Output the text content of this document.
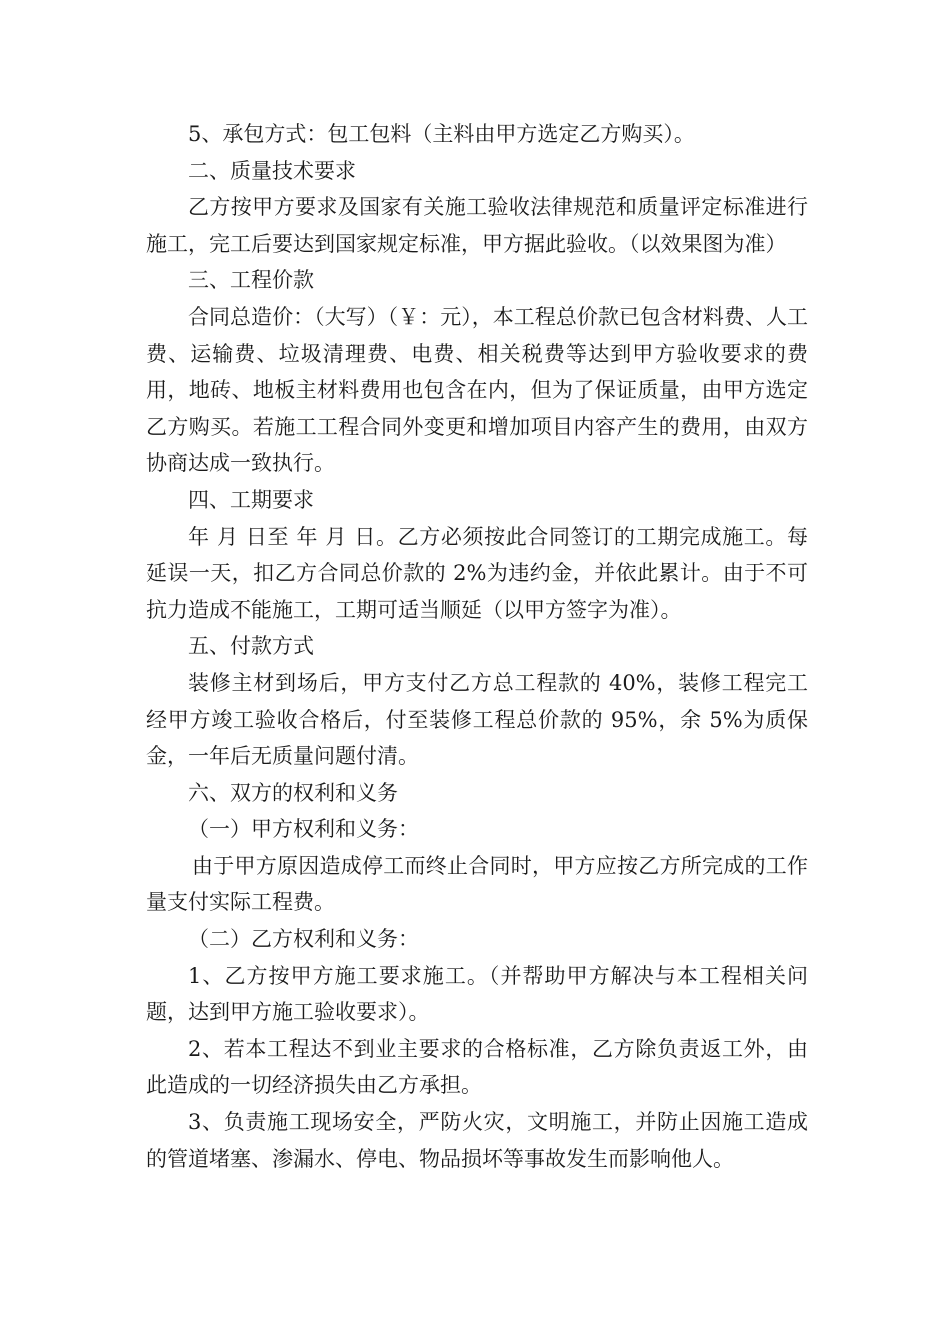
5、承包方式：包工包料（主料由甲方选定乙方购买）。

二、质量技术要求

乙方按甲方要求及国家有关施工验收法律规范和质量评定标准进行施工，完工后要达到国家规定标准，甲方据此验收。（以效果图为准）

三、工程价款

合同总造价：（大写）（￥：元），本工程总价款已包含材料费、人工费、运输费、垃圾清理费、电费、相关税费等达到甲方验收要求的费用，地砖、地板主材料费用也包含在内，但为了保证质量，由甲方选定乙方购买。若施工工程合同外变更和增加项目内容产生的费用，由双方协商达成一致执行。

四、工期要求

年 月 日至 年 月 日。乙方必须按此合同签订的工期完成施工。每延误一天，扣乙方合同总价款的 2%为违约金，并依此累计。由于不可抗力造成不能施工，工期可适当顺延（以甲方签字为准）。

五、付款方式

装修主材到场后，甲方支付乙方总工程款的 40%，装修工程完工经甲方竣工验收合格后，付至装修工程总价款的 95%，余 5%为质保金，一年后无质量问题付清。

六、双方的权利和义务

（一）甲方权利和义务：

由于甲方原因造成停工而终止合同时，甲方应按乙方所完成的工作量支付实际工程费。

（二）乙方权利和义务：

1、乙方按甲方施工要求施工。（并帮助甲方解决与本工程相关问题，达到甲方施工验收要求）。

2、若本工程达不到业主要求的合格标准，乙方除负责返工外，由此造成的一切经济损失由乙方承担。

3、负责施工现场安全，严防火灾，文明施工，并防止因施工造成的管道堵塞、渗漏水、停电、物品损坏等事故发生而影响他人。
